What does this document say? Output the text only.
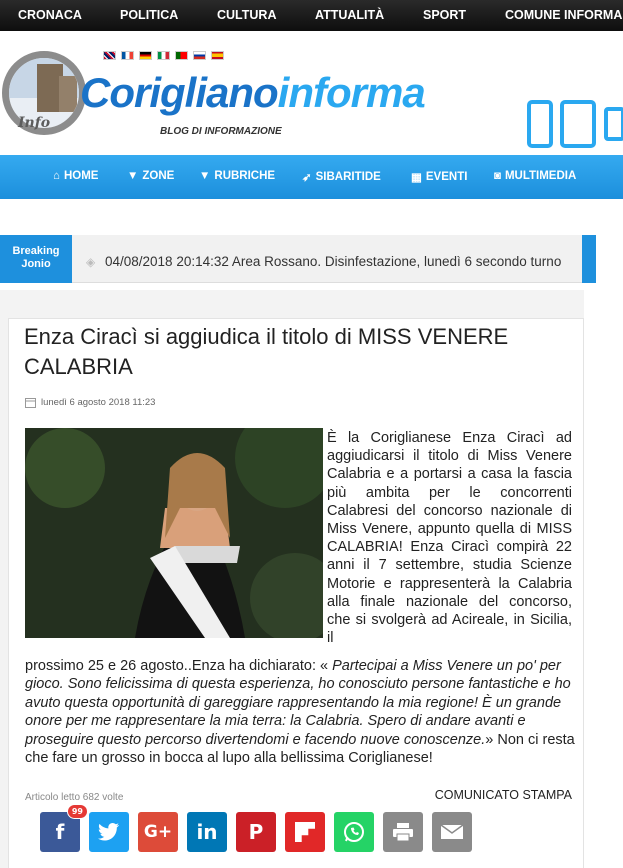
CRONACA	POLITICA	CULTURA	ATTUALITÀ	SPORT	COMUNE INFORMA
Info
Coriglianoinforma
BLOG DI INFORMAZIONE
⌂ HOME ▼ ZONE ▼ RUBRICHE ➶ SIBARITIDE	▦ EVENTI ◙ MULTIMEDIA
Breaking
Jonio	◈ 04/08/2018 20:14:32 Area Rossano. Disinfestazione, lunedì 6 secondo turno
Enza Ciracì si aggiudica il titolo di MISS VENERE CALABRIA
lunedì 6 agosto 2018 11:23
È la Coriglianese Enza Ciracì ad aggiudicarsi il titolo di Miss Venere Calabria e a portarsi a casa la fascia più ambita per le concorrenti Calabresi del concorso nazionale di Miss Venere, appunto quella di MISS CALABRIA! Enza Ciracì compirà 22 anni il 7 settembre, studia Scienze Motorie e rappresenterà la Calabria alla finale nazionale del concorso, che si svolgerà ad Acireale, in Sicilia, il
prossimo 25 e 26 agosto..Enza ha dichiarato: « Partecipai a Miss Venere un po' per gioco. Sono felicissima di questa esperienza, ho conosciuto persone fantastiche e ho avuto questa opportunità di gareggiare rappresentando la mia regione! È un grande onore per me rappresentare la mia terra: la Calabria. Spero di andare avanti e proseguire questo percorso divertendomi e facendo nuove conoscenze.» Non ci resta che fare un grosso in bocca al lupo alla bellissima Coriglianese!
Articolo letto 682 volte	COMUNICATO STAMPA
f
99
G+ in P
